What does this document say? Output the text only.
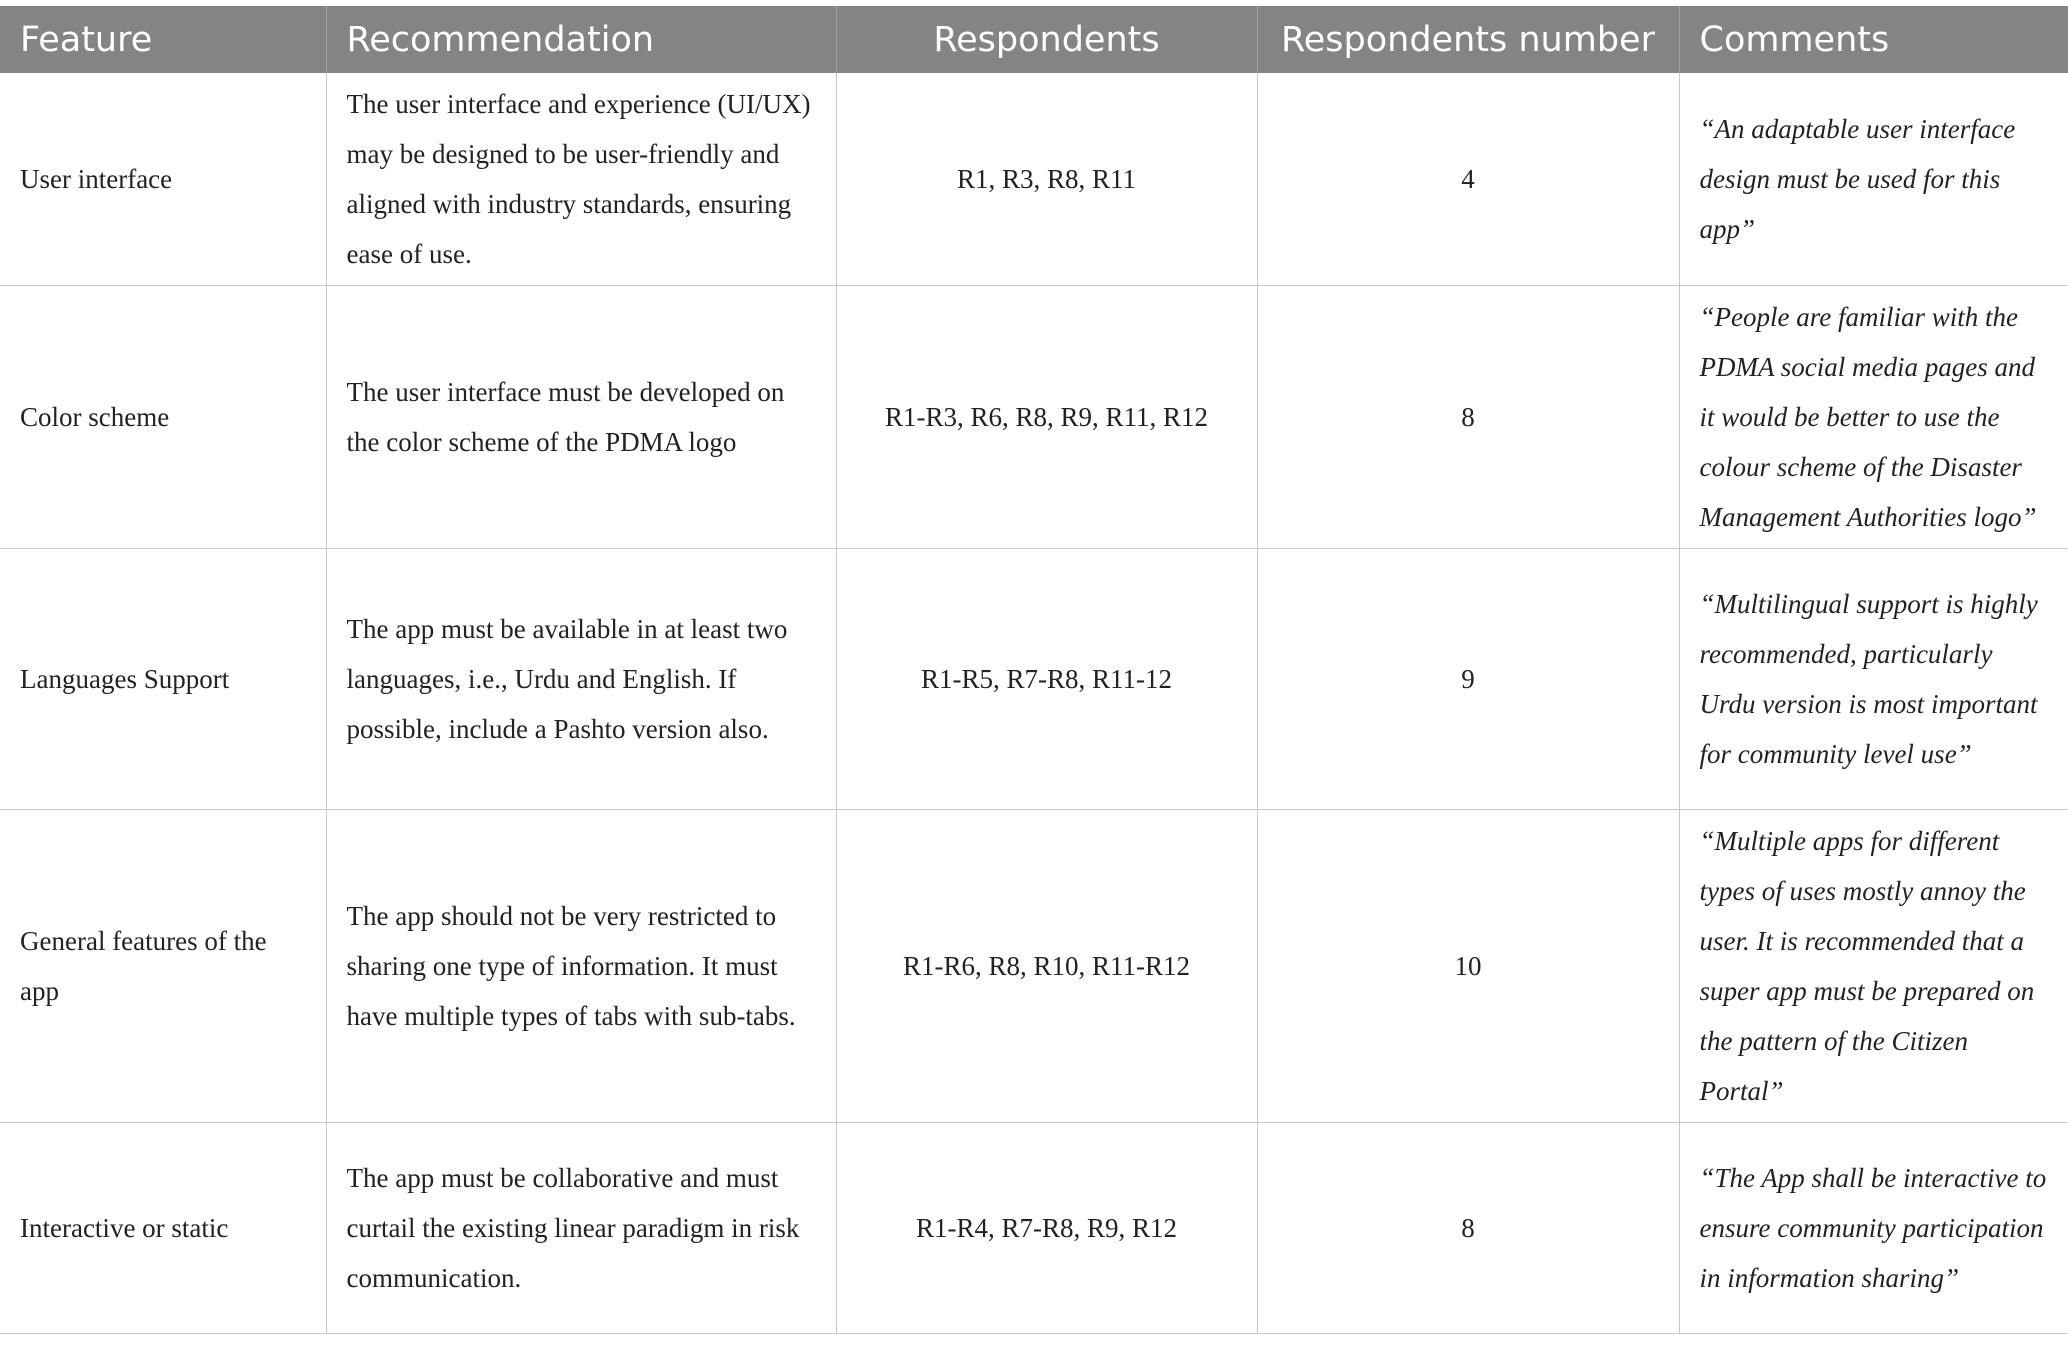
Feature	Recommendation	Respondents	Respondents number	Comments
User interface	The user interface and experience (UI/UX) may be designed to be user-friendly and aligned with industry standards, ensuring ease of use.	R1, R3, R8, R11	4	“An adaptable user interface design must be used for this app”
Color scheme	The user interface must be developed on the color scheme of the PDMA logo	R1-R3, R6, R8, R9, R11, R12	8	“People are familiar with the PDMA social media pages and it would be better to use the colour scheme of the Disaster Management Authorities logo”
Languages Support	The app must be available in at least two languages, i.e., Urdu and English. If possible, include a Pashto version also.	R1-R5, R7-R8, R11-12	9	“Multilingual support is highly recommended, particularly Urdu version is most important for community level use”
General features of the app	The app should not be very restricted to sharing one type of information. It must have multiple types of tabs with sub-tabs.	R1-R6, R8, R10, R11-R12	10	“Multiple apps for different types of uses mostly annoy the user. It is recommended that a super app must be prepared on the pattern of the Citizen Portal”
Interactive or static	The app must be collaborative and must curtail the existing linear paradigm in risk communication.	R1-R4, R7-R8, R9, R12	8	“The App shall be interactive to ensure community participation in information sharing”
